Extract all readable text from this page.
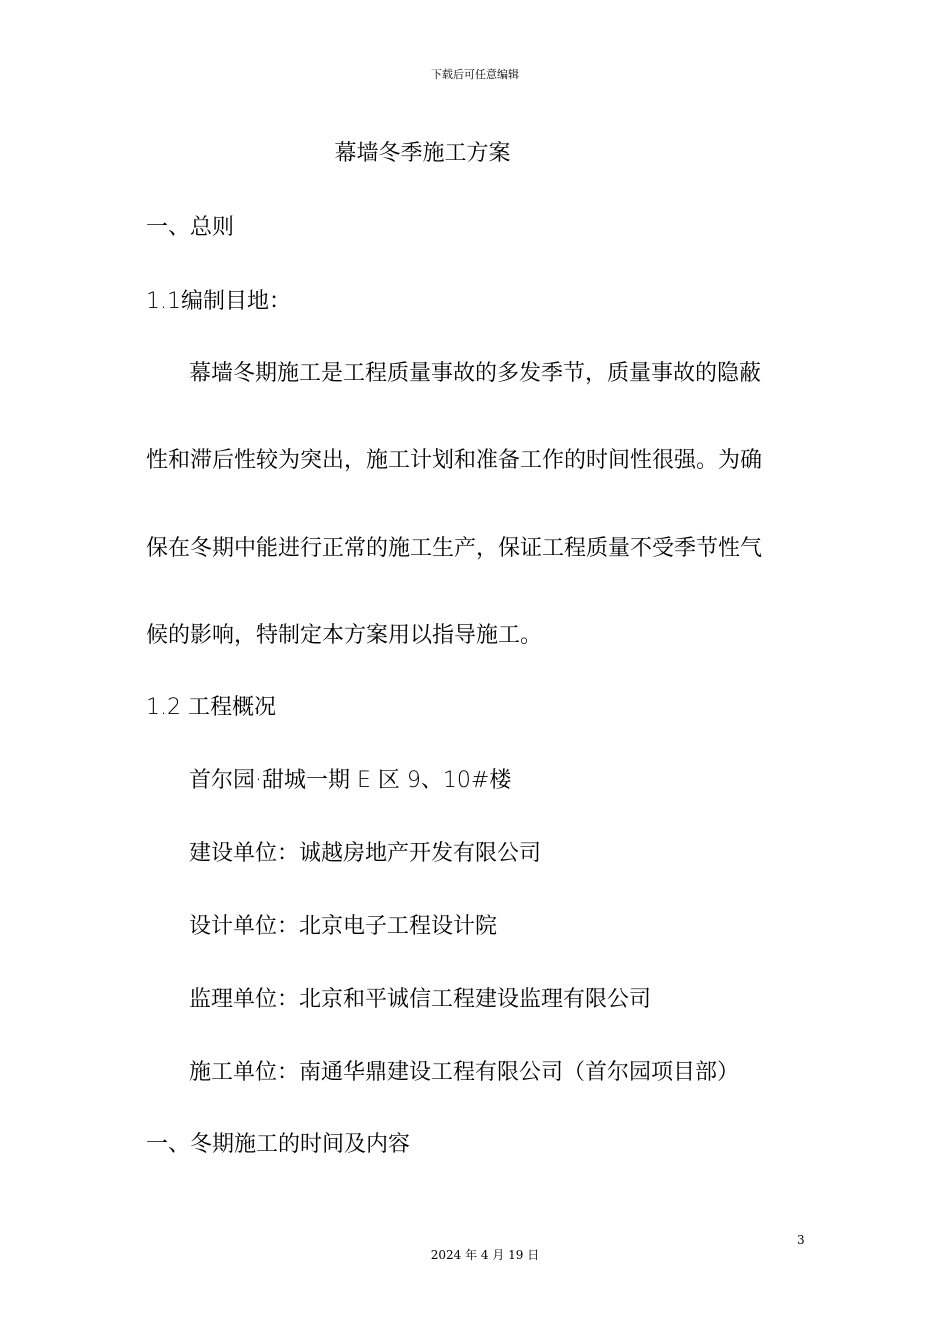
下载后可任意编辑
幕墙冬季施工方案
一、总则
1.1编制目地：
幕墙冬期施工是工程质量事故的多发季节，质量事故的隐蔽
性和滞后性较为突出，施工计划和准备工作的时间性很强。为确
保在冬期中能进行正常的施工生产，保证工程质量不受季节性气
候的影响，特制定本方案用以指导施工。
1.2 工程概况
首尔园·甜城一期 E 区 9、10#楼
建设单位：诚越房地产开发有限公司
设计单位：北京电子工程设计院
监理单位：北京和平诚信工程建设监理有限公司
施工单位：南通华鼎建设工程有限公司（首尔园项目部）
一、冬期施工的时间及内容
3
2024 年 4 月 19 日
